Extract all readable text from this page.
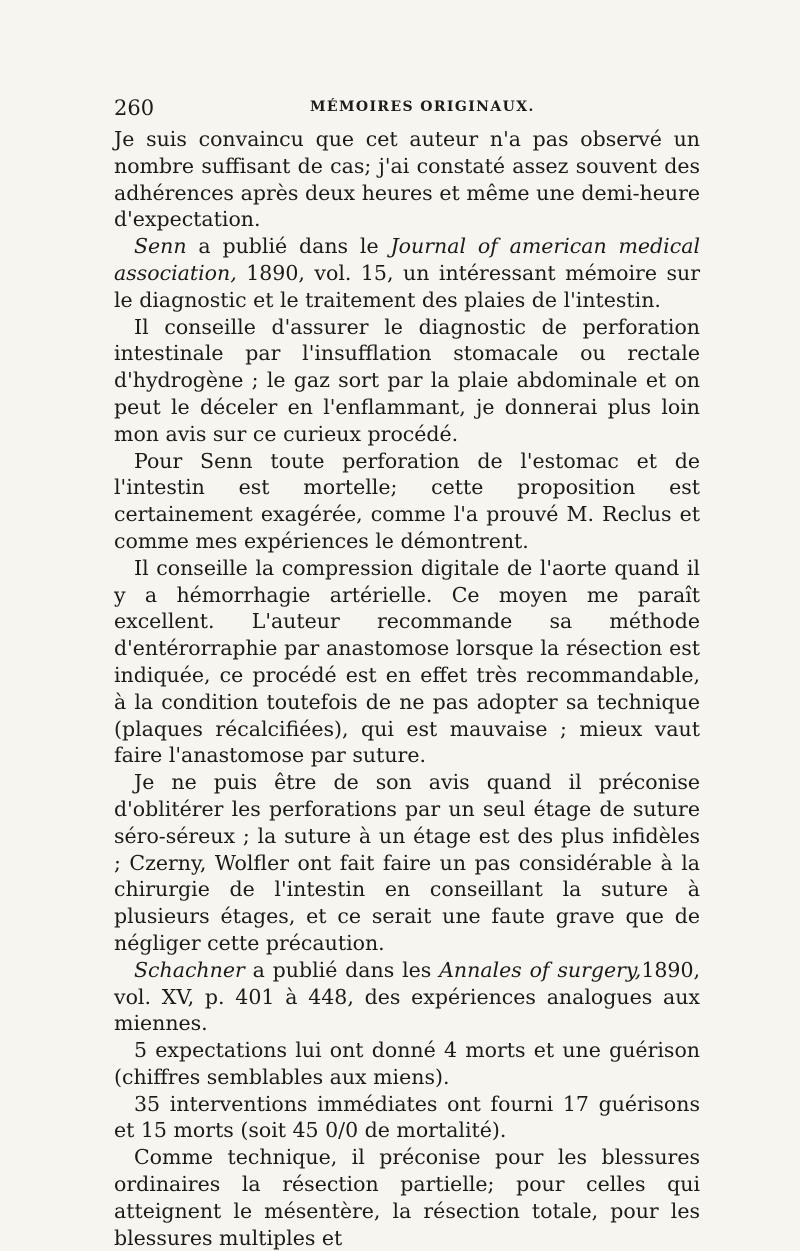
260	MÉMOIRES ORIGINAUX.

Je suis convaincu que cet auteur n'a pas observé un nombre suffisant de cas; j'ai constaté assez souvent des adhérences après deux heures et même une demi-heure d'expectation.

Senn a publié dans le Journal of american medical association, 1890, vol. 15, un intéressant mémoire sur le diagnostic et le traitement des plaies de l'intestin.

Il conseille d'assurer le diagnostic de perforation intestinale par l'insufflation stomacale ou rectale d'hydrogène ; le gaz sort par la plaie abdominale et on peut le déceler en l'enflammant, je donnerai plus loin mon avis sur ce curieux procédé.

Pour Senn toute perforation de l'estomac et de l'intestin est mortelle; cette proposition est certainement exagérée, comme l'a prouvé M. Reclus et comme mes expériences le démontrent.

Il conseille la compression digitale de l'aorte quand il y a hémorrhagie artérielle. Ce moyen me paraît excellent. L'auteur recommande sa méthode d'entérorraphie par anastomose lorsque la résection est indiquée, ce procédé est en effet très recommandable, à la condition toutefois de ne pas adopter sa technique (plaques récalcifiées), qui est mauvaise ; mieux vaut faire l'anastomose par suture.

Je ne puis être de son avis quand il préconise d'oblitérer les perforations par un seul étage de suture séro-séreux ; la suture à un étage est des plus infidèles ; Czerny, Wolfler ont fait faire un pas considérable à la chirurgie de l'intestin en conseillant la suture à plusieurs étages, et ce serait une faute grave que de négliger cette précaution.

Schachner a publié dans les Annales of surgery,1890, vol. XV, p. 401 à 448, des expériences analogues aux miennes.

5 expectations lui ont donné 4 morts et une guérison (chiffres semblables aux miens).

35 interventions immédiates ont fourni 17 guérisons et 15 morts (soit 45 0/0 de mortalité).

Comme technique, il préconise pour les blessures ordinaires la résection partielle; pour celles qui atteignent le mésentère, la résection totale, pour les blessures multiples et
